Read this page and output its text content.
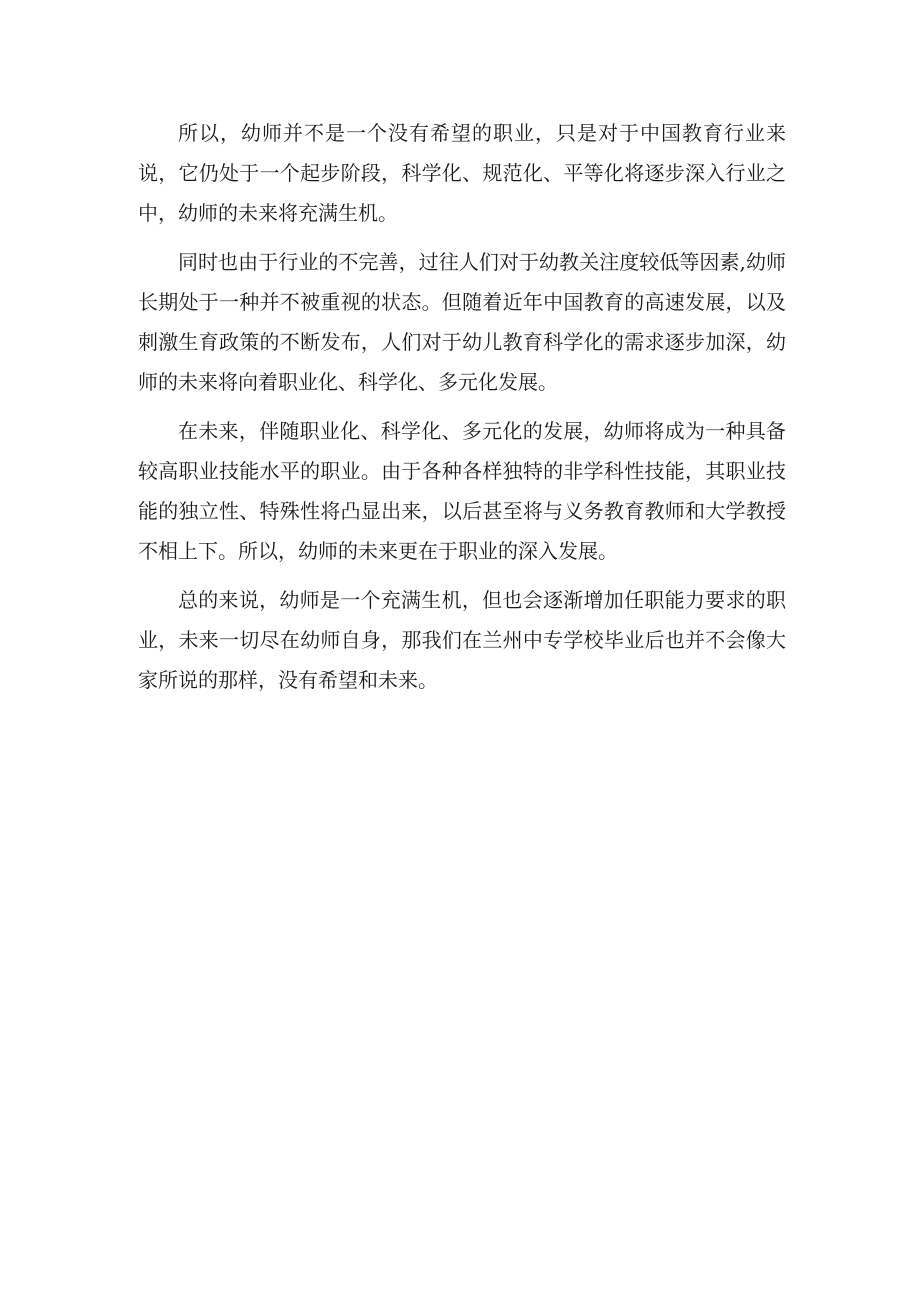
所以，幼师并不是一个没有希望的职业，只是对于中国教育行业来说，它仍处于一个起步阶段，科学化、规范化、平等化将逐步深入行业之中，幼师的未来将充满生机。

同时也由于行业的不完善，过往人们对于幼教关注度较低等因素,幼师长期处于一种并不被重视的状态。但随着近年中国教育的高速发展，以及刺激生育政策的不断发布，人们对于幼儿教育科学化的需求逐步加深，幼师的未来将向着职业化、科学化、多元化发展。

在未来，伴随职业化、科学化、多元化的发展，幼师将成为一种具备较高职业技能水平的职业。由于各种各样独特的非学科性技能，其职业技能的独立性、特殊性将凸显出来，以后甚至将与义务教育教师和大学教授不相上下。所以，幼师的未来更在于职业的深入发展。

总的来说，幼师是一个充满生机，但也会逐渐增加任职能力要求的职业，未来一切尽在幼师自身，那我们在兰州中专学校毕业后也并不会像大家所说的那样，没有希望和未来。
